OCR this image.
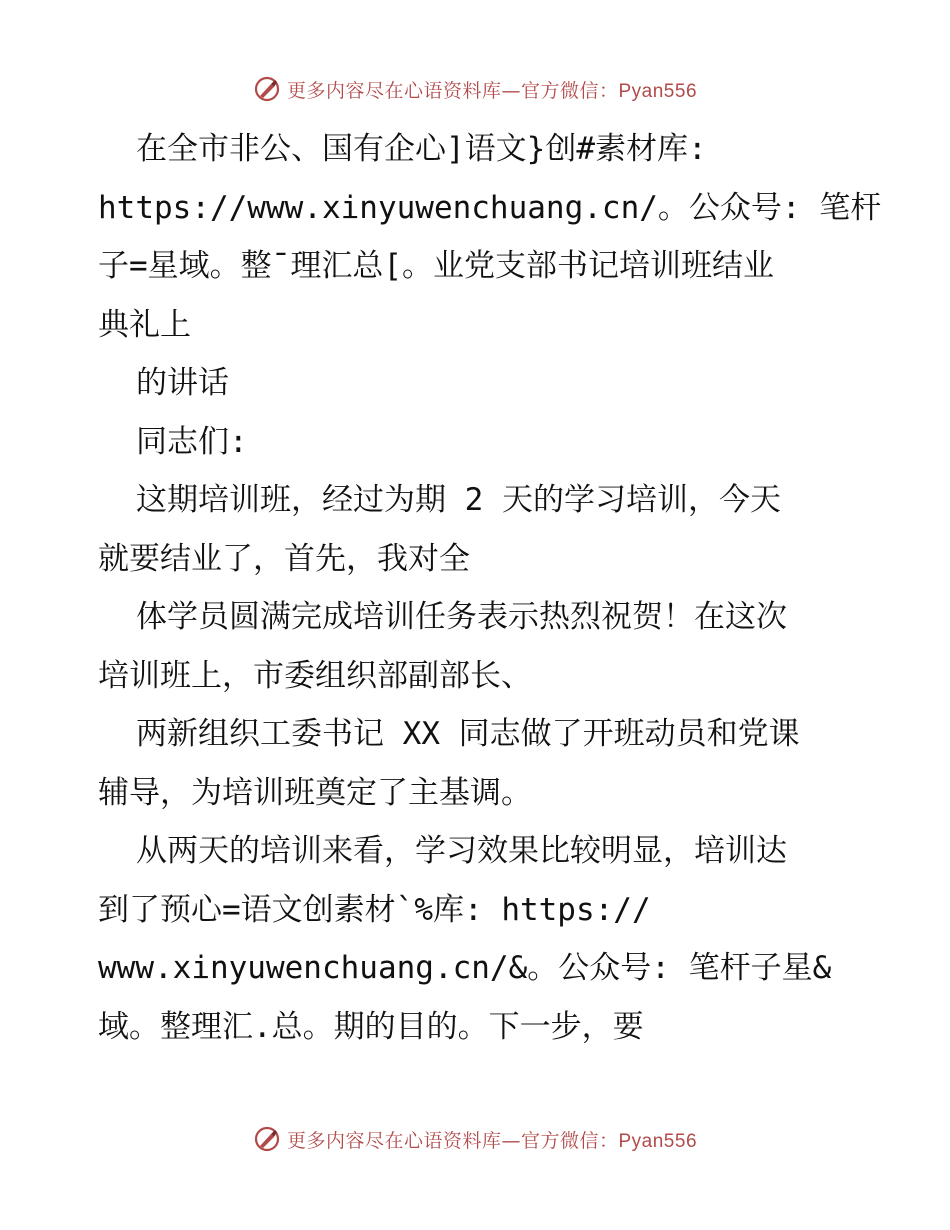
更多内容尽在心语资料库—官方微信：Pyan556
在全市非公、国有企心]语文}创#素材库:
https://www.xinyuwenchuang.cn/。公众号: 笔杆
子=星域。整¯理汇总[。业党支部书记培训班结业
典礼上
的讲话
同志们:
这期培训班，经过为期 2 天的学习培训，今天
就要结业了，首先，我对全
体学员圆满完成培训任务表示热烈祝贺！在这次
培训班上，市委组织部副部长、
两新组织工委书记 XX 同志做了开班动员和党课
辅导，为培训班奠定了主基调。
从两天的培训来看，学习效果比较明显，培训达
到了预心=语文创素材`%库: https://
www.xinyuwenchuang.cn/&。公众号: 笔杆子星&
域。整理汇.总。期的目的。下一步，要
更多内容尽在心语资料库—官方微信：Pyan556
